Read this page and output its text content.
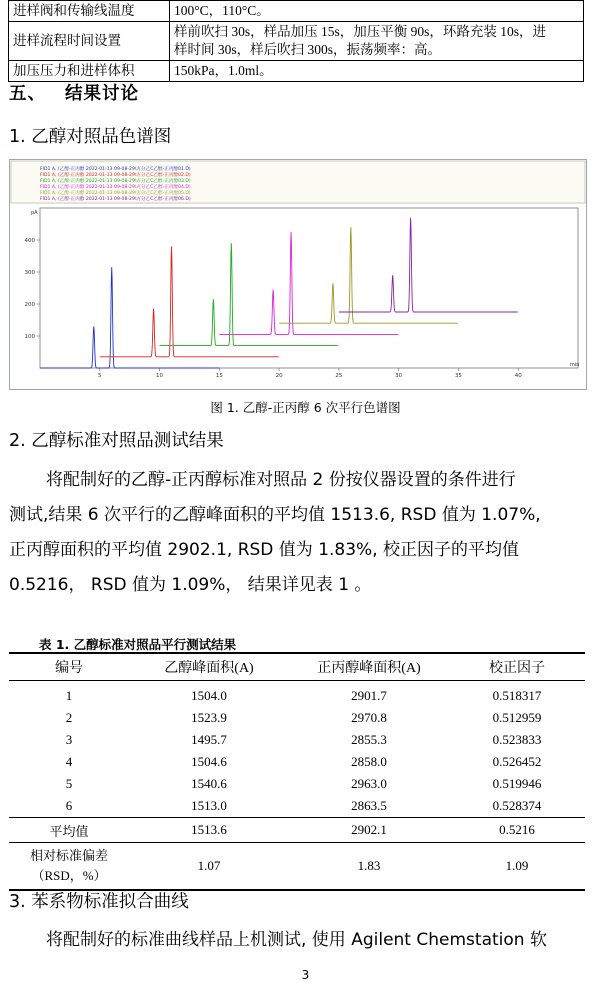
进样阀和传输线温度	100°C，110°C。
进样流程时间设置	样前吹扫 30s，样品加压 15s，加压平衡 90s，环路充装 10s，进
样时间 30s，样后吹扫 300s，振荡频率：高。

加压压力和进样体积	150kPa，1.0ml。
五、 结果讨论
1. 乙醇对照品色谱图
FID1 A, (乙醇-正丙醇 2022-01-13 09-08-29\方分乙C乙醇-正丙醇01.D)
FID1 A, (乙醇-正丙醇 2022-01-13 09-08-29\方分乙C乙醇-正丙醇02.D)
FID1 A, (乙醇-正丙醇 2022-01-13 09-08-29\方分乙C乙醇-正丙醇03.D)
FID1 A, (乙醇-正丙醇 2022-01-13 09-08-29\方分乙C乙醇-正丙醇04.D)
FID1 A, (乙醇-正丙醇 2022-01-13 09-08-29\方分乙C乙醇-正丙醇05.D)
FID1 A, (乙醇-正丙醇 2022-01-13 09-08-29\方分乙C乙醇-正丙醇06.D)
pA
min
5	10	15	20	25	30	35	40
100
200
300
400
图 1. 乙醇-正丙醇 6 次平行色谱图
2. 乙醇标准对照品测试结果
将配制好的乙醇-正丙醇标准对照品 2 份按仪器设置的条件进行
测试,结果 6 次平行的乙醇峰面积的平均值 1513.6, RSD 值为 1.07%,
正丙醇面积的平均值 2902.1, RSD 值为 1.83%, 校正因子的平均值
0.5216， RSD 值为 1.09%， 结果详见表 1 。
表 1. 乙醇标准对照品平行测试结果
编号	乙醇峰面积(A)	正丙醇峰面积(A)	校正因子
1	1504.0	2901.7	0.518317
2	1523.9	2970.8	0.512959
3	1495.7	2855.3	0.523833
4	1504.6	2858.0	0.526452
5	1540.6	2963.0	0.519946
6	1513.0	2863.5	0.528374
平均值	1513.6	2902.1	0.5216

相对标准偏差
（RSD，%）	1.07	1.83	1.09
3. 苯系物标准拟合曲线
将配制好的标准曲线样品上机测试, 使用 Agilent Chemstation 软
3
